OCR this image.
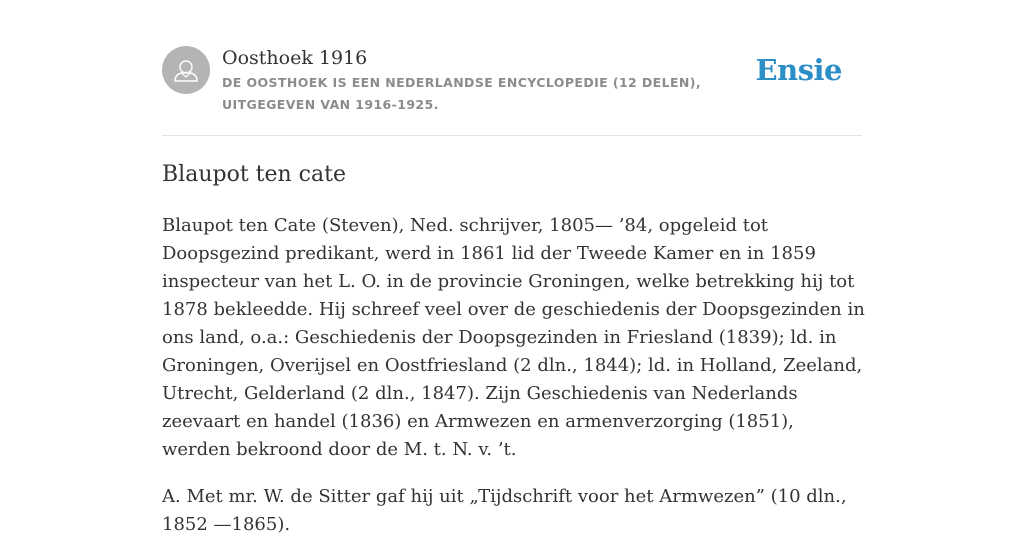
Oosthoek 1916
DE OOSTHOEK IS EEN NEDERLANDSE ENCYCLOPEDIE (12 DELEN), UITGEGEVEN VAN 1916-1925.
Ensie
Blaupot ten cate

Blaupot ten Cate (Steven), Ned. schrijver, 1805— ’84, opgeleid tot Doopsgezind predikant, werd in 1861 lid der Tweede Kamer en in 1859 inspecteur van het L. O. in de provincie Groningen, welke betrekking hij tot 1878 bekleedde. Hij schreef veel over de geschiedenis der Doopsgezinden in ons land, o.a.: Geschiedenis der Doopsgezinden in Friesland (1839); ld. in Groningen, Overijsel en Oostfriesland (2 dln., 1844); ld. in Holland, Zeeland, Utrecht, Gelderland (2 dln., 1847). Zijn Geschiedenis van Nederlands zeevaart en handel (1836) en Armwezen en armenverzorging (1851), werden bekroond door de M. t. N. v. ’t.

A. Met mr. W. de Sitter gaf hij uit „Tijdschrift voor het Armwezen” (10 dln., 1852 —1865).
